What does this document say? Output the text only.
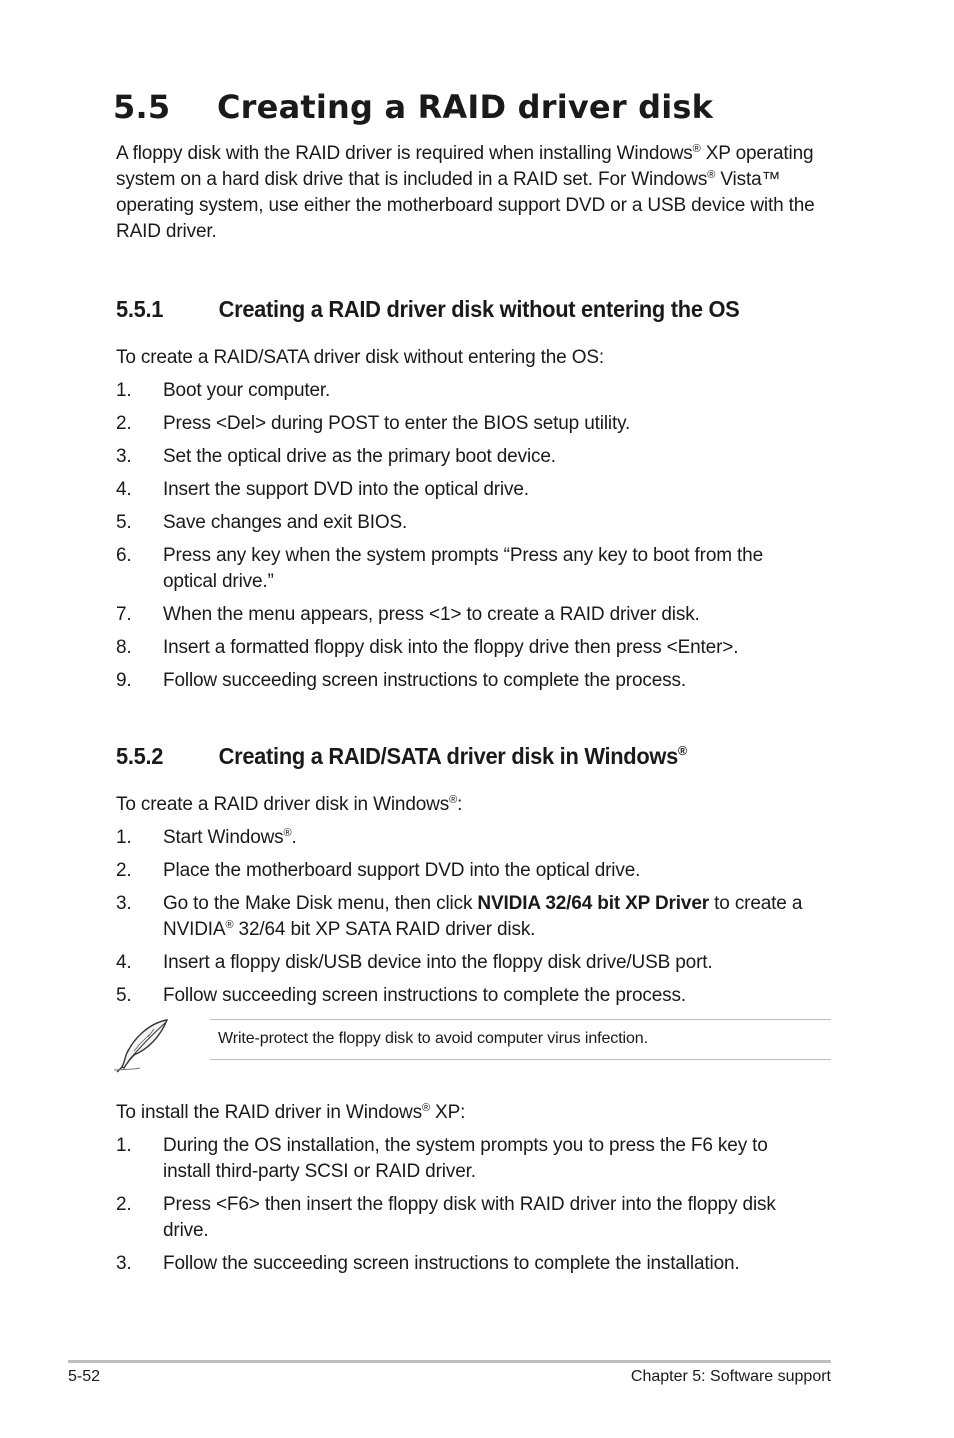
5.5 Creating a RAID driver disk
A floppy disk with the RAID driver is required when installing Windows® XP operating system on a hard disk drive that is included in a RAID set. For Windows® Vista™ operating system, use either the motherboard support DVD or a USB device with the RAID driver.
5.5.1 Creating a RAID driver disk without entering the OS
To create a RAID/SATA driver disk without entering the OS:
1.	Boot your computer.
2.	Press <Del> during POST to enter the BIOS setup utility.
3.	Set the optical drive as the primary boot device.
4.	Insert the support DVD into the optical drive.
5.	Save changes and exit BIOS.
6.	Press any key when the system prompts “Press any key to boot from the optical drive.”
7.	When the menu appears, press <1> to create a RAID driver disk.
8.	Insert a formatted floppy disk into the floppy drive then press <Enter>.
9.	Follow succeeding screen instructions to complete the process.
5.5.2 Creating a RAID/SATA driver disk in Windows®
To create a RAID driver disk in Windows®:
1.	Start Windows®.
2.	Place the motherboard support DVD into the optical drive.
3.	Go to the Make Disk menu, then click NVIDIA 32/64 bit XP Driver to create a NVIDIA® 32/64 bit XP SATA RAID driver disk.
4.	Insert a floppy disk/USB device into the floppy disk drive/USB port.
5.	Follow succeeding screen instructions to complete the process.
Write-protect the floppy disk to avoid computer virus infection.
To install the RAID driver in Windows® XP:
1.	During the OS installation, the system prompts you to press the F6 key to install third-party SCSI or RAID driver.
2.	Press <F6> then insert the floppy disk with RAID driver into the floppy disk drive.
3.	Follow the succeeding screen instructions to complete the installation.
5-52	Chapter 5: Software support
